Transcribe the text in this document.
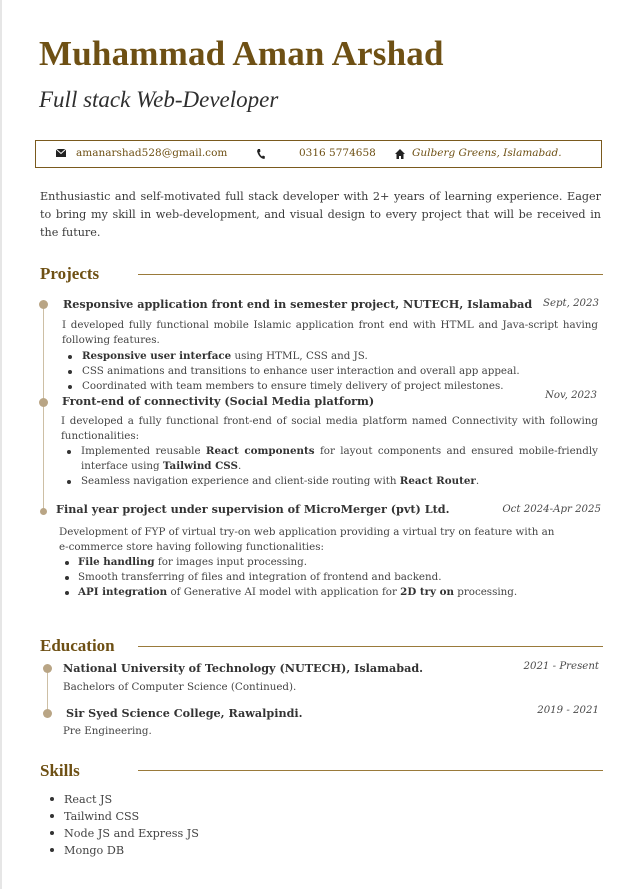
Muhammad Aman Arshad
Full stack Web-Developer
amanarshad528@gmail.com	0316 5774658	Gulberg Greens, Islamabad.
Enthusiastic and self-motivated full stack developer with 2+ years of learning experience. Eager to bring my skill in web-development, and visual design to every project that will be received in the future.
Projects
Responsive application front end in semester project, NUTECH, Islamabad Sept, 2023
I developed fully functional mobile Islamic application front end with HTML and Java-script having following features.
Responsive user interface using HTML, CSS and JS.
CSS animations and transitions to enhance user interaction and overall app appeal.
Coordinated with team members to ensure timely delivery of project milestones.
Front-end of connectivity (Social Media platform)	Nov, 2023
I developed a fully functional front-end of social media platform named Connectivity with following functionalities:
Implemented reusable React components for layout components and ensured mobile-friendly interface using Tailwind CSS.
Seamless navigation experience and client-side routing with React Router.
Final year project under supervision of MicroMerger (pvt) Ltd.	Oct 2024-Apr 2025
Development of FYP of virtual try-on web application providing a virtual try on feature with an
e-commerce store having following functionalities:
File handling for images input processing.
Smooth transferring of files and integration of frontend and backend.
API integration of Generative AI model with application for 2D try on processing.
Education
National University of Technology (NUTECH), Islamabad.	2021 - Present
Bachelors of Computer Science (Continued).
Sir Syed Science College, Rawalpindi.	2019 - 2021
Pre Engineering.
Skills
React JS
Tailwind CSS
Node JS and Express JS
Mongo DB
